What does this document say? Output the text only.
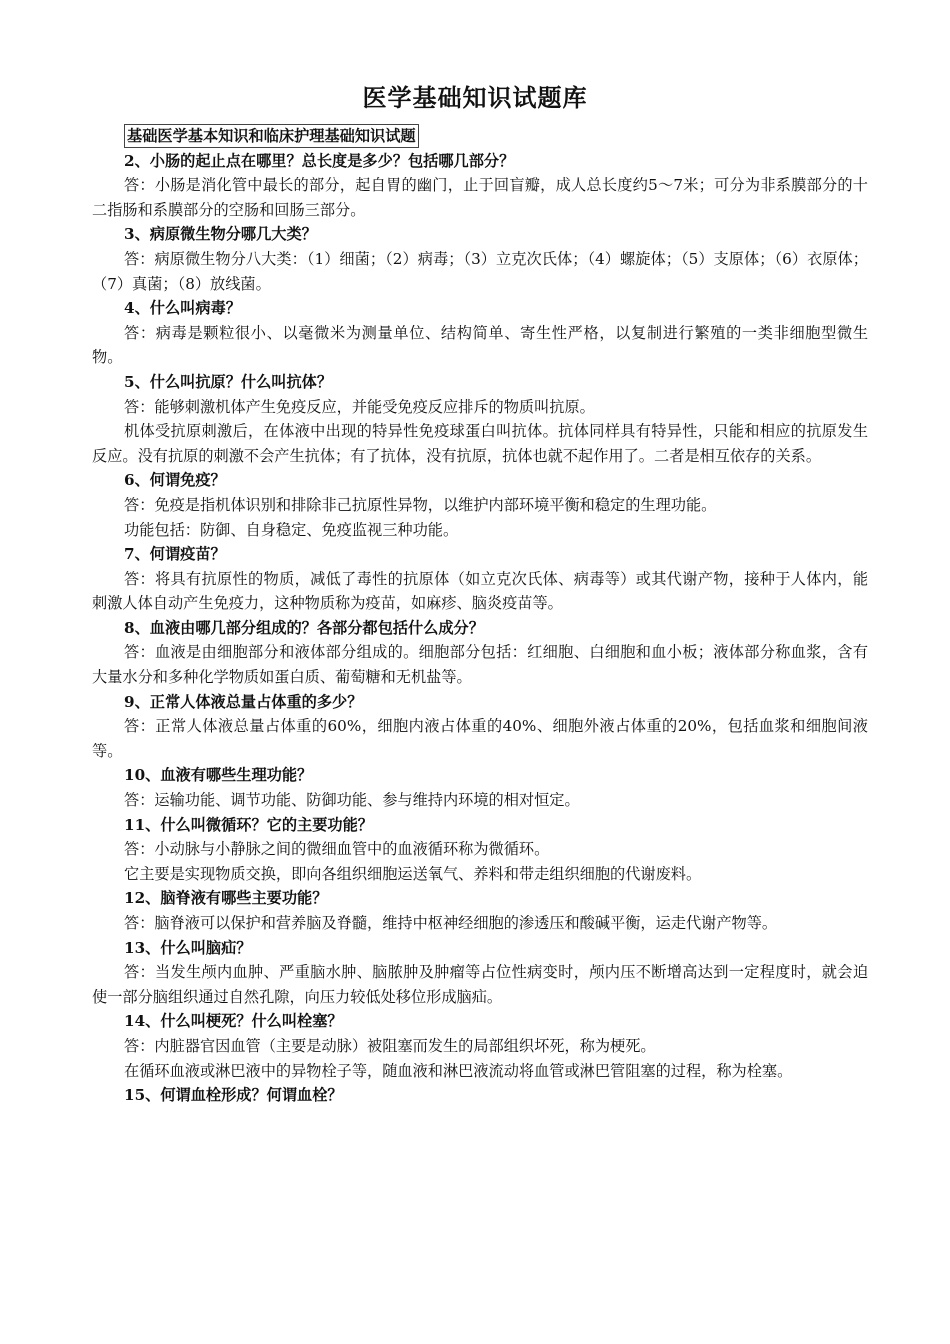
医学基础知识试题库
基础医学基本知识和临床护理基础知识试题

2、小肠的起止点在哪里？总长度是多少？包括哪几部分？

答：小肠是消化管中最长的部分，起自胃的幽门，止于回盲瓣，成人总长度约5～7米；可分为非系膜部分的十二指肠和系膜部分的空肠和回肠三部分。

3、病原微生物分哪几大类？

答：病原微生物分八大类：（1）细菌；（2）病毒；（3）立克次氏体；（4）螺旋体；（5）支原体；（6）衣原体；（7）真菌；（8）放线菌。

4、什么叫病毒？

答：病毒是颗粒很小、以毫微米为测量单位、结构简单、寄生性严格，以复制进行繁殖的一类非细胞型微生物。

5、什么叫抗原？什么叫抗体？

答：能够刺激机体产生免疫反应，并能受免疫反应排斥的物质叫抗原。

机体受抗原刺激后，在体液中出现的特异性免疫球蛋白叫抗体。抗体同样具有特异性，只能和相应的抗原发生反应。没有抗原的刺激不会产生抗体；有了抗体，没有抗原，抗体也就不起作用了。二者是相互依存的关系。

6、何谓免疫？

答：免疫是指机体识别和排除非己抗原性异物，以维护内部环境平衡和稳定的生理功能。

功能包括：防御、自身稳定、免疫监视三种功能。

7、何谓疫苗？

答：将具有抗原性的物质，减低了毒性的抗原体（如立克次氏体、病毒等）或其代谢产物，接种于人体内，能刺激人体自动产生免疫力，这种物质称为疫苗，如麻疹、脑炎疫苗等。

8、血液由哪几部分组成的？各部分都包括什么成分？

答：血液是由细胞部分和液体部分组成的。细胞部分包括：红细胞、白细胞和血小板；液体部分称血浆，含有大量水分和多种化学物质如蛋白质、葡萄糖和无机盐等。

9、正常人体液总量占体重的多少？

答：正常人体液总量占体重的60%，细胞内液占体重的40%、细胞外液占体重的20%，包括血浆和细胞间液等。

10、血液有哪些生理功能？

答：运输功能、调节功能、防御功能、参与维持内环境的相对恒定。

11、什么叫微循环？它的主要功能？

答：小动脉与小静脉之间的微细血管中的血液循环称为微循环。

它主要是实现物质交换，即向各组织细胞运送氧气、养料和带走组织细胞的代谢废料。

12、脑脊液有哪些主要功能？

答：脑脊液可以保护和营养脑及脊髓，维持中枢神经细胞的渗透压和酸碱平衡，运走代谢产物等。

13、什么叫脑疝？

答：当发生颅内血肿、严重脑水肿、脑脓肿及肿瘤等占位性病变时，颅内压不断增高达到一定程度时，就会迫使一部分脑组织通过自然孔隙，向压力较低处移位形成脑疝。

14、什么叫梗死？什么叫栓塞？

答：内脏器官因血管（主要是动脉）被阻塞而发生的局部组织坏死，称为梗死。

在循环血液或淋巴液中的异物栓子等，随血液和淋巴液流动将血管或淋巴管阻塞的过程，称为栓塞。

15、何谓血栓形成？何谓血栓？
